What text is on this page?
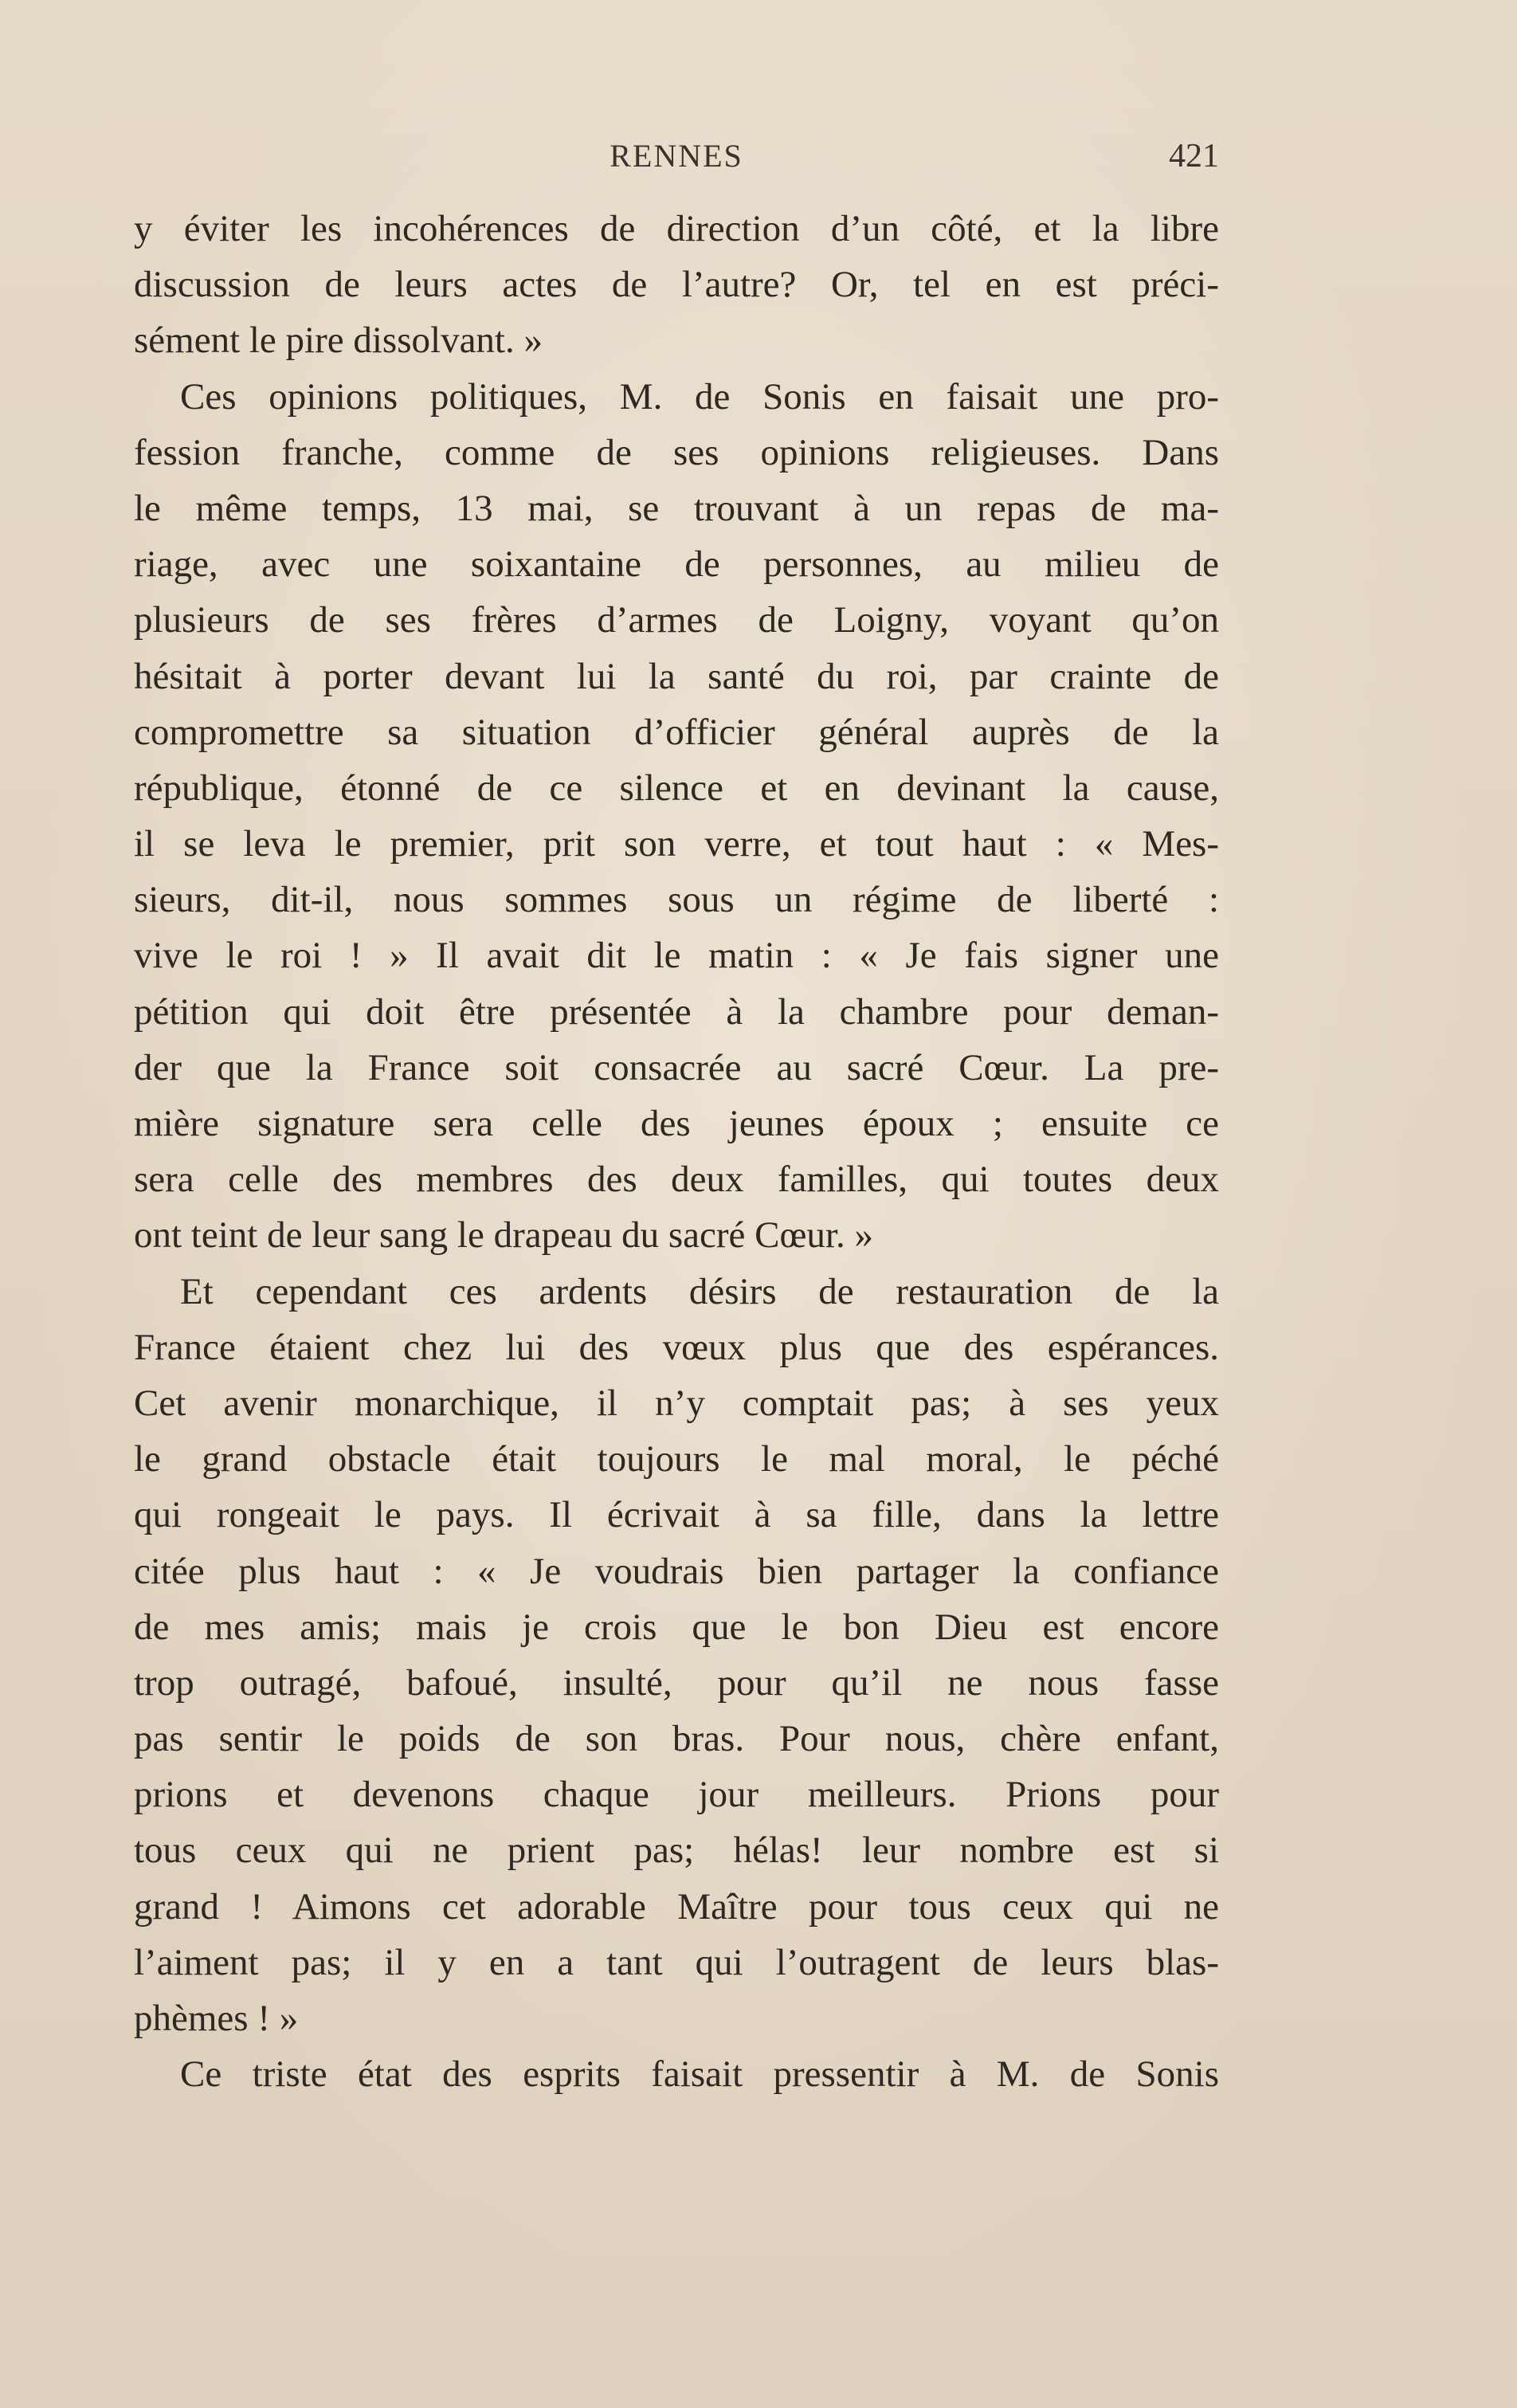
RENNES	421
y éviter les incohérences de direction d’un côté, et la libre
discussion de leurs actes de l’autre? Or, tel en est préci-
sément le pire dissolvant. »
Ces opinions politiques, M. de Sonis en faisait une pro-
fession franche, comme de ses opinions religieuses. Dans
le même temps, 13 mai, se trouvant à un repas de ma-
riage, avec une soixantaine de personnes, au milieu de
plusieurs de ses frères d’armes de Loigny, voyant qu’on
hésitait à porter devant lui la santé du roi, par crainte de
compromettre sa situation d’officier général auprès de la
république, étonné de ce silence et en devinant la cause,
il se leva le premier, prit son verre, et tout haut : « Mes-
sieurs, dit-il, nous sommes sous un régime de liberté :
vive le roi ! » Il avait dit le matin : « Je fais signer une
pétition qui doit être présentée à la chambre pour deman-
der que la France soit consacrée au sacré Cœur. La pre-
mière signature sera celle des jeunes époux ; ensuite ce
sera celle des membres des deux familles, qui toutes deux
ont teint de leur sang le drapeau du sacré Cœur. »
Et cependant ces ardents désirs de restauration de la
France étaient chez lui des vœux plus que des espérances.
Cet avenir monarchique, il n’y comptait pas; à ses yeux
le grand obstacle était toujours le mal moral, le péché
qui rongeait le pays. Il écrivait à sa fille, dans la lettre
citée plus haut : « Je voudrais bien partager la confiance
de mes amis; mais je crois que le bon Dieu est encore
trop outragé, bafoué, insulté, pour qu’il ne nous fasse
pas sentir le poids de son bras. Pour nous, chère enfant,
prions et devenons chaque jour meilleurs. Prions pour
tous ceux qui ne prient pas; hélas! leur nombre est si
grand ! Aimons cet adorable Maître pour tous ceux qui ne
l’aiment pas; il y en a tant qui l’outragent de leurs blas-
phèmes ! »
Ce triste état des esprits faisait pressentir à M. de Sonis
